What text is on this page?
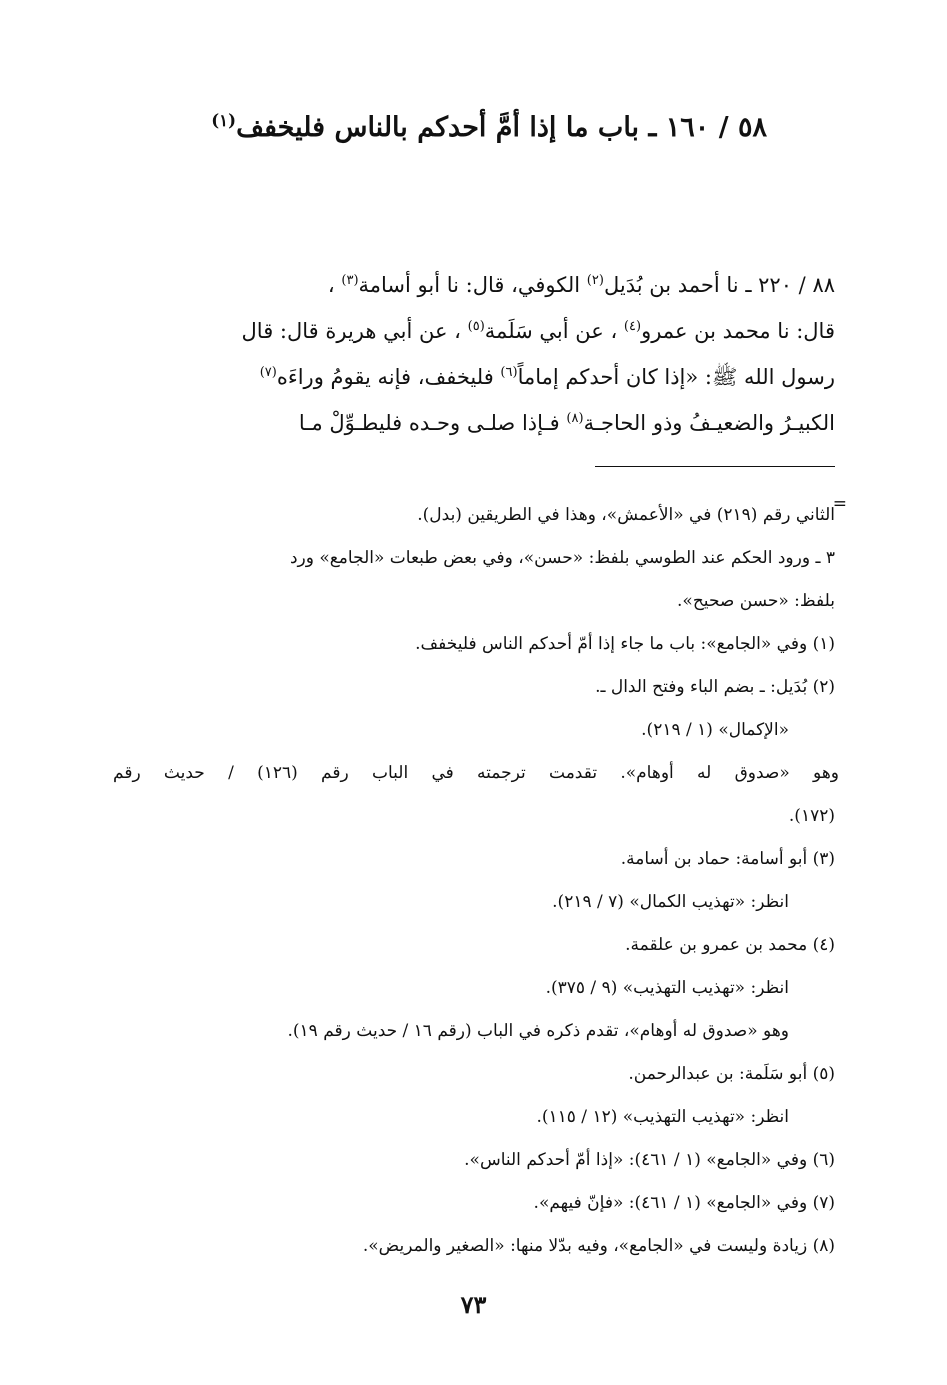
٥٨ / ١٦٠ ـ باب ما إذا أمَّ أحدكم بالناس فليخفف$^{(١)}$
٨٨ / ٢٢٠ ـ نا أحمد بن بُدَيل$^{(٢)}$ الكوفي، قال: نا أبو أسامة$^{(٣)}$ ،
قال: نا محمد بن عمرو$^{(٤)}$ ، عن أبي سَلَمة$^{(٥)}$ ، عن أبي هريرة قال: قال
رسول الله ﷺ: «إذا كان أحدكم إماماً$^{(٦)}$ فليخفف، فإنه يقومُ وراءَه$^{(٧)}$
الكبيـرُ والضعيـفُ وذو الحاجـة$^{(٨)}$ فـإذا صلـى وحـده فليطـوِّلْ مـا
=
الثاني رقم (٢١٩) في «الأعمش»، وهذا في الطريقين (بدل).
٣ ـ ورود الحكم عند الطوسي بلفظ: «حسن»، وفي بعض طبعات «الجامع» ورد
بلفظ: «حسن صحيح».
(١) وفي «الجامع»: باب ما جاء إذا أمّ أحدكم الناس فليخفف.
(٢) بُدَيل: ـ بضم الباء وفتح الدال ـ.
«الإكمال» (١ / ٢١٩).
وهو «صدوق له أوهام». تقدمت ترجمته في الباب رقم (١٢٦) / حديث رقم
(١٧٢).
(٣) أبو أسامة: حماد بن أسامة.
انظر: «تهذيب الكمال» (٧ / ٢١٩).
(٤) محمد بن عمرو بن علقمة.
انظر: «تهذيب التهذيب» (٩ / ٣٧٥).
وهو «صدوق له أوهام»، تقدم ذكره في الباب (رقم ١٦ / حديث رقم ١٩).
(٥) أبو سَلَمة: بن عبدالرحمن.
انظر: «تهذيب التهذيب» (١٢ / ١١٥).
(٦) وفي «الجامع» (١ / ٤٦١): «إذا أمّ أحدكم الناس».
(٧) وفي «الجامع» (١ / ٤٦١): «فإنّ فيهم».
(٨) زيادة وليست في «الجامع»، وفيه بدّلا منها: «الصغير والمريض».
٧٣
